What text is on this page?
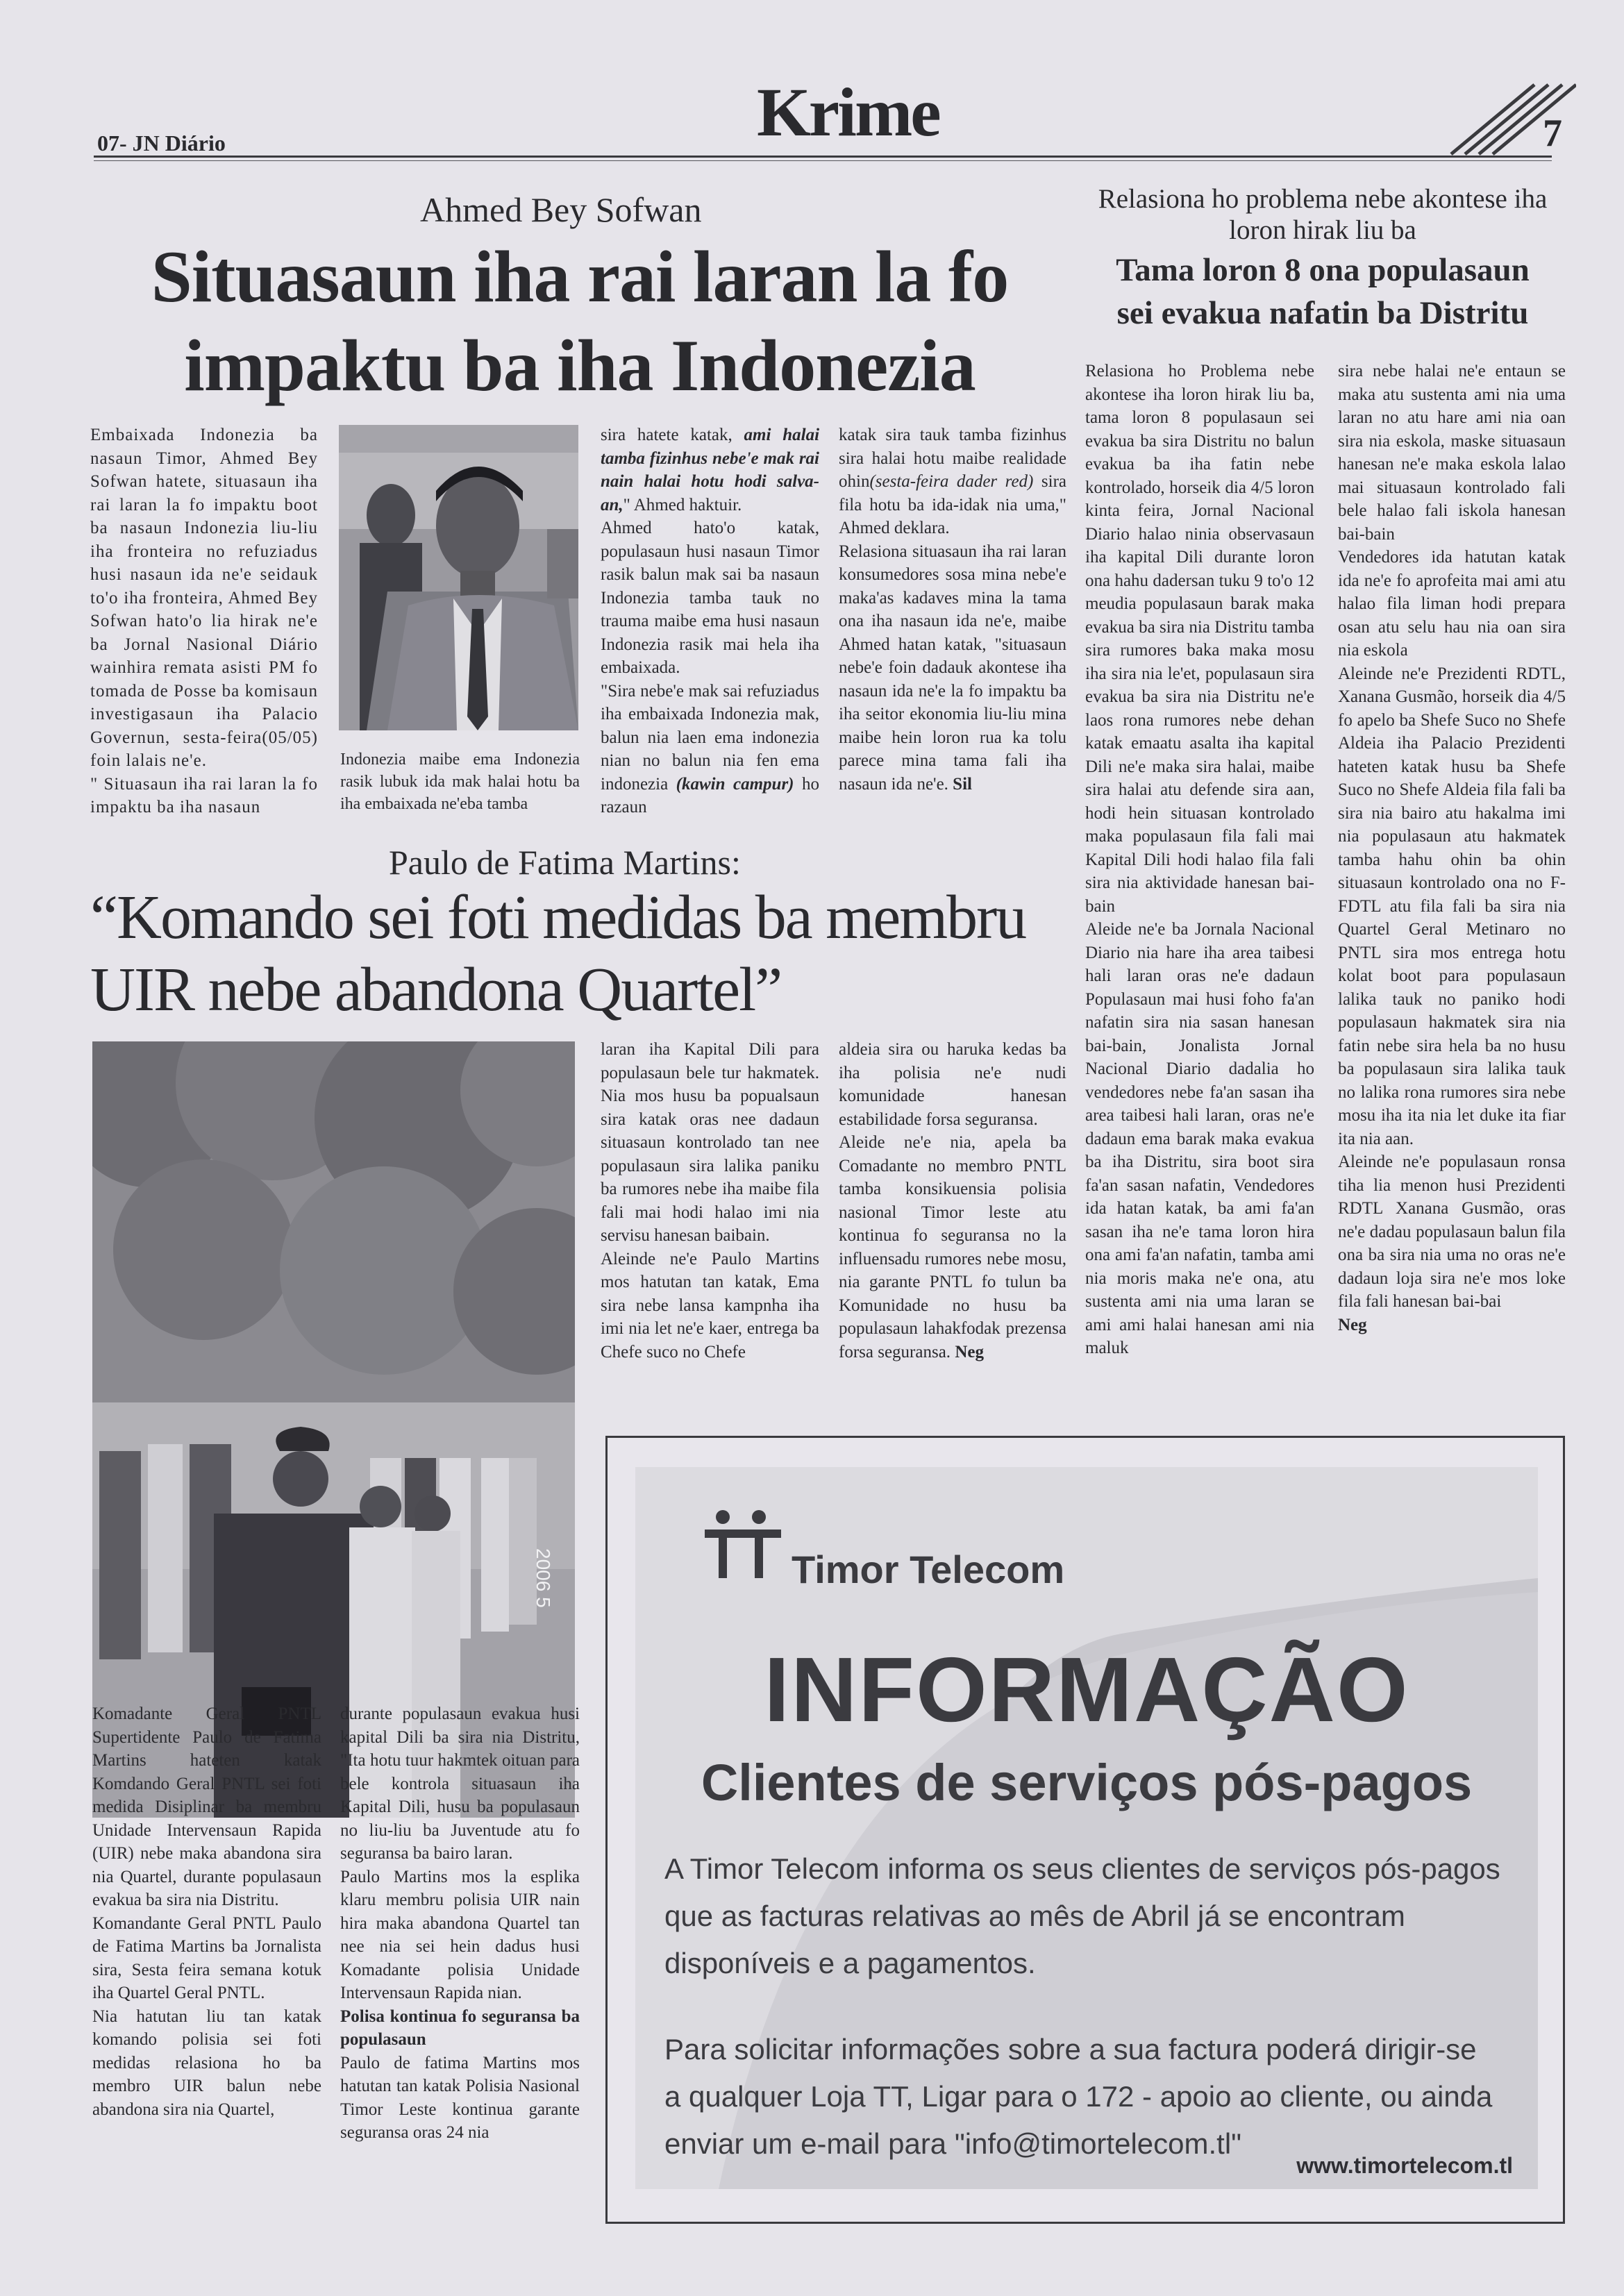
07- JN Diário	Krime	7
Ahmed Bey Sofwan
Situasaun iha rai laran la fo
impaktu ba iha Indonezia

Embaixada Indonezia ba nasaun Timor, Ahmed Bey Sofwan hatete, situasaun iha rai laran la fo impaktu boot ba nasaun Indonezia liu-liu iha fronteira no refuziadus husi nasaun ida ne'e seidauk to'o iha fronteira, Ahmed Bey Sofwan hato'o lia hirak ne'e ba Jornal Nasional Diário wainhira remata asisti PM fo tomada de Posse ba komisaun investigasaun iha Palacio Governun, sesta-feira(05/05) foin lalais ne'e.

" Situasaun iha rai laran la fo impaktu ba iha nasaun

Indonezia maibe ema Indonezia rasik lubuk ida mak halai hotu ba iha embaixada ne'eba tamba

sira hatete katak, ami halai tamba fizinhus nebe'e mak rai nain halai hotu hodi salva-an," Ahmed haktuir.

Ahmed hato'o katak, populasaun husi nasaun Timor rasik balun mak sai ba nasaun Indonezia tamba tauk no trauma maibe ema husi nasaun Indonezia rasik mai hela iha embaixada.

"Sira nebe'e mak sai refuziadus iha embaixada Indonezia mak, balun nia laen ema indonezia nian no balun nia fen ema indonezia (kawin campur) ho razaun

katak sira tauk tamba fizinhus sira halai hotu maibe realidade ohin(sesta-feira dader red) sira fila hotu ba ida-idak nia uma," Ahmed deklara.

Relasiona situasaun iha rai laran konsumedores sosa mina nebe'e maka'as kadaves mina la tama ona iha nasaun ida ne'e, maibe Ahmed hatan katak, "situasaun nebe'e foin dadauk akontese iha nasaun ida ne'e la fo impaktu ba iha seitor ekonomia liu-liu mina maibe hein loron rua ka tolu parece mina tama fali iha nasaun ida ne'e. Sil

Paulo de Fatima Martins:
“Komando sei foti medidas ba membru
UIR nebe abandona Quartel”
2006 5

laran iha Kapital Dili para populasaun bele tur hakmatek. Nia mos husu ba popualsaun sira katak oras nee dadaun situasaun kontrolado tan nee populasaun sira lalika paniku ba rumores nebe iha maibe fila fali mai hodi halao imi nia servisu hanesan baibain.

Aleinde ne'e Paulo Martins mos hatutan tan katak, Ema sira nebe lansa kampnha iha imi nia let ne'e kaer, entrega ba Chefe suco no Chefe

aldeia sira ou haruka kedas ba iha polisia ne'e nudi komunidade hanesan estabilidade forsa seguransa.

Aleide ne'e nia, apela ba Comadante no membro PNTL tamba konsikuensia polisia nasional Timor leste atu kontinua fo seguransa no la influensadu rumores nebe mosu, nia garante PNTL fo tulun ba Komunidade no husu ba populasaun lahakfodak prezensa forsa seguransa. Neg

Komadante Geral PNTL Supertidente Paulo de Fatima Martins hateten katak Komdando Geral PNTL sei foti medida Disiplinar ba membru Unidade Intervensaun Rapida (UIR) nebe maka abandona sira nia Quartel, durante populasaun evakua ba sira nia Distritu.

Komandante Geral PNTL Paulo de Fatima Martins ba Jornalista sira, Sesta feira semana kotuk iha Quartel Geral PNTL.

Nia hatutan liu tan katak komando polisia sei foti medidas relasiona ho ba membro UIR balun nebe abandona sira nia Quartel,

durante populasaun evakua husi kapital Dili ba sira nia Distritu, "Ita hotu tuur hakmtek oituan para bele kontrola situasaun iha Kapital Dili, husu ba populasaun no liu-liu ba Juventude atu fo seguransa ba bairo laran.

Paulo Martins mos la esplika klaru membru polisia UIR nain hira maka abandona Quartel tan nee nia sei hein dadus husi Komadante polisia Unidade Intervensaun Rapida nian.

Polisa kontinua fo seguransa ba populasaun

Paulo de fatima Martins mos hatutan tan katak Polisia Nasional Timor Leste kontinua garante seguransa oras 24 nia

Relasiona ho problema nebe akontese iha
loron hirak liu ba
Tama loron 8 ona populasaun
sei evakua nafatin ba Distritu

Relasiona ho Problema nebe akontese iha loron hirak liu ba, tama loron 8 populasaun sei evakua ba sira Distritu no balun evakua ba iha fatin nebe kontrolado, horseik dia 4/5 loron kinta feira, Jornal Nacional Diario halao ninia observasaun iha kapital Dili durante loron ona hahu dadersan tuku 9 to'o 12 meudia populasaun barak maka evakua ba sira nia Distritu tamba sira rumores baka maka mosu iha sira nia le'et, populasaun sira evakua ba sira nia Distritu ne'e laos rona rumores nebe dehan katak emaatu asalta iha kapital Dili ne'e maka sira halai, maibe sira halai atu defende sira aan, hodi hein situasan kontrolado maka populasaun fila fali mai Kapital Dili hodi halao fila fali sira nia aktividade hanesan bai-bain

Aleide ne'e ba Jornala Nacional Diario nia hare iha area taibesi hali laran oras ne'e dadaun Populasaun mai husi foho fa'an nafatin sira nia sasan hanesan bai-bain, Jonalista Jornal Nacional Diario dadalia ho vendedores nebe fa'an sasan iha area taibesi hali laran, oras ne'e dadaun ema barak maka evakua ba iha Distritu, sira boot sira fa'an sasan nafatin, Vendedores ida hatan katak, ba ami fa'an sasan iha ne'e tama loron hira ona ami fa'an nafatin, tamba ami nia moris maka ne'e ona, atu sustenta ami nia uma laran se ami ami halai hanesan ami nia maluk

sira nebe halai ne'e entaun se maka atu sustenta ami nia uma laran no atu hare ami nia oan sira nia eskola, maske situasaun hanesan ne'e maka eskola lalao mai situasaun kontrolado fali bele halao fali iskola hanesan bai-bain

Vendedores ida hatutan katak ida ne'e fo aprofeita mai ami atu halao fila liman hodi prepara osan atu selu hau nia oan sira nia eskola

Aleinde ne'e Prezidenti RDTL, Xanana Gusmão, horseik dia 4/5 fo apelo ba Shefe Suco no Shefe Aldeia iha Palacio Prezidenti hateten katak husu ba Shefe Suco no Shefe Aldeia fila fali ba sira nia bairo atu hakalma imi nia populasaun atu hakmatek tamba hahu ohin ba ohin situasaun kontrolado ona no F-FDTL atu fila fali ba sira nia Quartel Geral Metinaro no PNTL sira mos entrega hotu kolat boot para populasaun lalika tauk no paniko hodi populasaun hakmatek sira nia fatin nebe sira hela ba no husu ba populasaun sira lalika tauk no lalika rona rumores sira nebe mosu iha ita nia let duke ita fiar ita nia aan.

Aleinde ne'e populasaun ronsa tiha lia menon husi Prezidenti RDTL Xanana Gusmão, oras ne'e dadau populasaun balun fila ona ba sira nia uma no oras ne'e dadaun loja sira ne'e mos loke fila fali hanesan bai-bai

Neg

Timor Telecom
INFORMAÇÃO
Clientes de serviços pós-pagos
A Timor Telecom informa os seus clientes de serviços pós-pagos
que as facturas relativas ao mês de Abril já se encontram
disponíveis e a pagamentos.
Para solicitar informações sobre a sua factura poderá dirigir-se
a qualquer Loja TT, Ligar para o 172 - apoio ao cliente, ou ainda
enviar um e-mail para "info@timortelecom.tl"
www.timortelecom.tl
